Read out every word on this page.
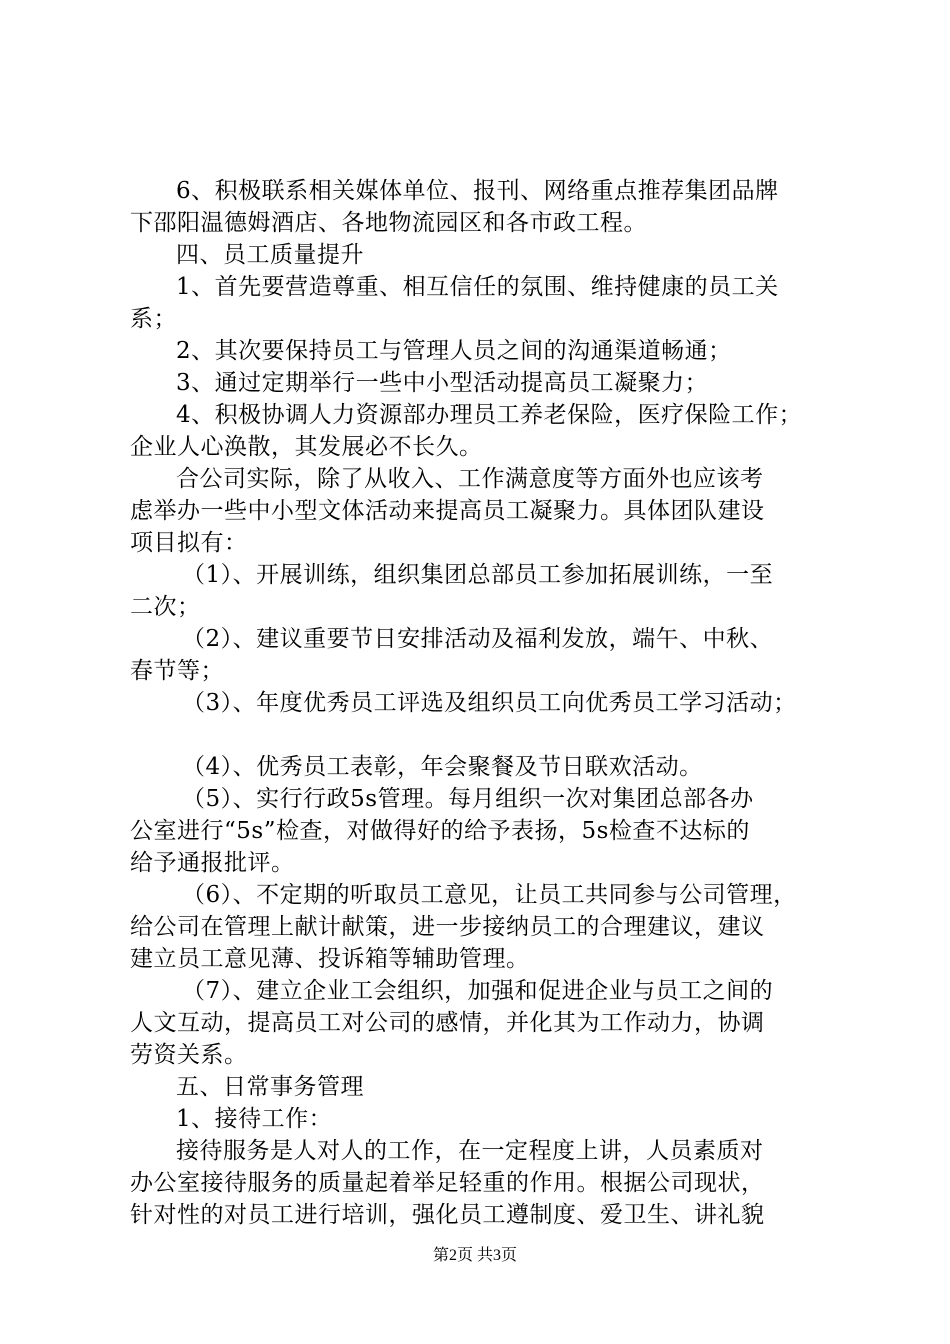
6、积极联系相关媒体单位、报刊、网络重点推荐集团品牌
下邵阳温德姆酒店、各地物流园区和各市政工程。
四、员工质量提升
1、首先要营造尊重、相互信任的氛围、维持健康的员工关
系；
2、其次要保持员工与管理人员之间的沟通渠道畅通；
3、通过定期举行一些中小型活动提高员工凝聚力；
4、积极协调人力资源部办理员工养老保险，医疗保险工作；
企业人心涣散，其发展必不长久。
合公司实际，除了从收入、工作满意度等方面外也应该考
虑举办一些中小型文体活动来提高员工凝聚力。具体团队建设
项目拟有：
（1）、开展训练，组织集团总部员工参加拓展训练，一至
二次；
（2）、建议重要节日安排活动及福利发放，端午、中秋、
春节等；
（3）、年度优秀员工评选及组织员工向优秀员工学习活动；
（4）、优秀员工表彰，年会聚餐及节日联欢活动。
（5）、实行行政5s管理。每月组织一次对集团总部各办
公室进行“5s”检查，对做得好的给予表扬，5s检查不达标的
给予通报批评。
（6）、不定期的听取员工意见，让员工共同参与公司管理，
给公司在管理上献计献策，进一步接纳员工的合理建议，建议
建立员工意见薄、投诉箱等辅助管理。
（7）、建立企业工会组织，加强和促进企业与员工之间的
人文互动，提高员工对公司的感情，并化其为工作动力，协调
劳资关系。
五、日常事务管理
1、接待工作：
接待服务是人对人的工作，在一定程度上讲，人员素质对
办公室接待服务的质量起着举足轻重的作用。根据公司现状，
针对性的对员工进行培训，强化员工遵制度、爱卫生、讲礼貌
第2页 共3页
